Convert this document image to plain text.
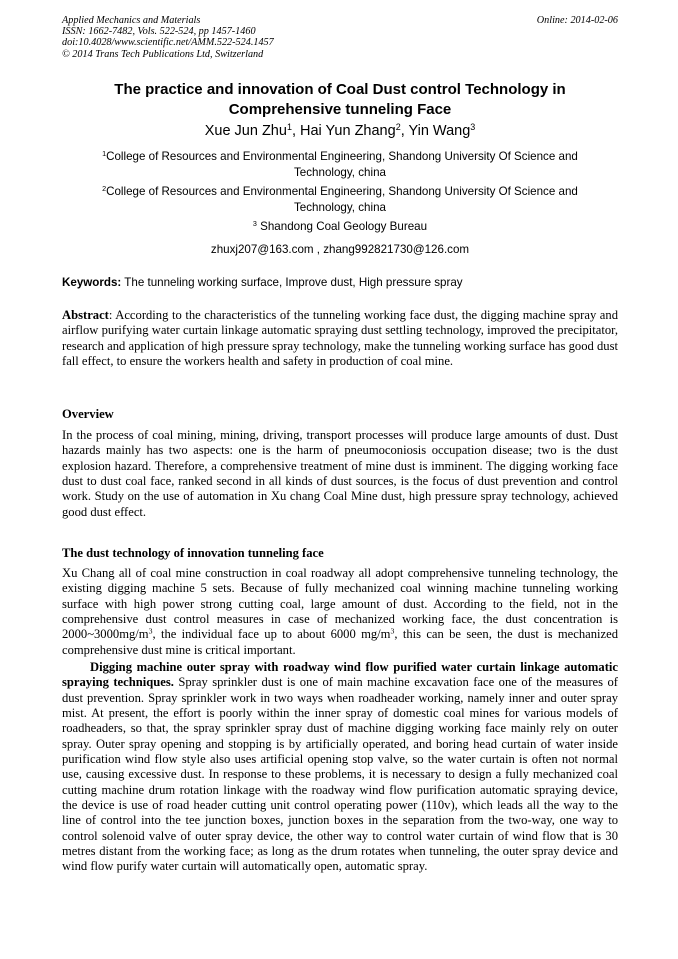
Applied Mechanics and Materials
ISSN: 1662-7482, Vols. 522-524, pp 1457-1460
doi:10.4028/www.scientific.net/AMM.522-524.1457
© 2014 Trans Tech Publications Ltd, Switzerland
Online: 2014-02-06
The practice and innovation of Coal Dust control Technology in
Comprehensive tunneling Face
Xue Jun Zhu$^1$, Hai Yun Zhang$^2$, Yin Wang$^3$
$^1$College of Resources and Environmental Engineering, Shandong University Of Science and
Technology, china
$^2$College of Resources and Environmental Engineering, Shandong University Of Science and
Technology, china
$^3$ Shandong Coal Geology Bureau
zhuxj207@163.com , zhang992821730@126.com
Keywords: The tunneling working surface, Improve dust, High pressure spray
Abstract: According to the characteristics of the tunneling working face dust, the digging machine spray and airflow purifying water curtain linkage automatic spraying dust settling technology, improved the precipitator, research and application of high pressure spray technology, make the tunneling working surface has good dust fall effect, to ensure the workers health and safety in production of coal mine.
Overview
In the process of coal mining, mining, driving, transport processes will produce large amounts of dust. Dust hazards mainly has two aspects: one is the harm of pneumoconiosis occupation disease; two is the dust explosion hazard. Therefore, a comprehensive treatment of mine dust is imminent. The digging working face dust to dust coal face, ranked second in all kinds of dust sources, is the focus of dust prevention and control work. Study on the use of automation in Xu chang Coal Mine dust, high pressure spray technology, achieved good dust effect.
The dust technology of innovation tunneling face
Xu Chang all of coal mine construction in coal roadway all adopt comprehensive tunneling technology, the existing digging machine 5 sets. Because of fully mechanized coal winning machine tunneling working surface with high power strong cutting coal, large amount of dust. According to the field, not in the comprehensive dust control measures in case of mechanized working face, the dust concentration is $2000\sim 3000mg/m^3$, the individual face up to about 6000 $mg/m^3$, this can be seen, the dust is mechanized comprehensive dust mine is critical important.
Digging machine outer spray with roadway wind flow purified water curtain linkage automatic spraying techniques. Spray sprinkler dust is one of main machine excavation face one of the measures of dust prevention. Spray sprinkler work in two ways when roadheader working, namely inner and outer spray mist. At present, the effort is poorly within the inner spray of domestic coal mines for various models of roadheaders, so that, the spray sprinkler spray dust of machine digging working face mainly rely on outer spray. Outer spray opening and stopping is by artificially operated, and boring head curtain of water inside purification wind flow style also uses artificial opening stop valve, so the water curtain is often not normal use, causing excessive dust. In response to these problems, it is necessary to design a fully mechanized coal cutting machine drum rotation linkage with the roadway wind flow purification automatic spraying device, the device is use of road header cutting unit control operating power (110v), which leads all the way to the line of control into the tee junction boxes, junction boxes in the separation from the two-way, one way to control solenoid valve of outer spray device, the other way to control water curtain of wind flow that is 30 metres distant from the working face; as long as the drum rotates when tunneling, the outer spray device and wind flow purify water curtain will automatically open, automatic spray.
